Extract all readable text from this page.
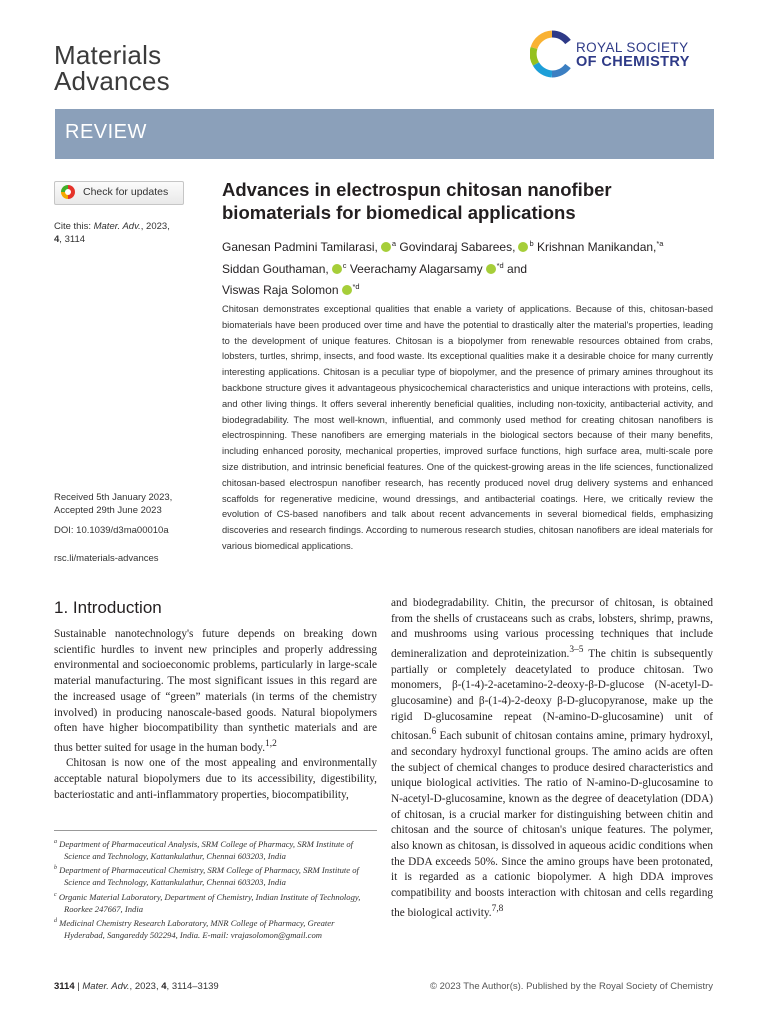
Materials
Advances
ROYAL SOCIETY
OF CHEMISTRY
REVIEW
Check for updates
Cite this: Mater. Adv., 2023,
4, 3114
Received 5th January 2023,
Accepted 29th June 2023
DOI: 10.1039/d3ma00010a
rsc.li/materials-advances
Advances in electrospun chitosan nanofiber biomaterials for biomedical applications
Ganesan Padmini Tamilarasi, $^a$ Govindaraj Sabarees, $^b$ Krishnan Manikandan,$^{*a}$
Siddan Gouthaman, $^c$ Veerachamy Alagarsamy $^{*d}$ and
Viswas Raja Solomon $^{*d}$
Chitosan demonstrates exceptional qualities that enable a variety of applications. Because of this, chitosan-based biomaterials have been produced over time and have the potential to drastically alter the material's properties, leading to the development of unique features. Chitosan is a biopolymer from renewable resources obtained from crabs, lobsters, turtles, shrimp, insects, and food waste. Its exceptional qualities make it a desirable choice for many currently interesting applications. Chitosan is a peculiar type of biopolymer, and the presence of primary amines throughout its backbone structure gives it advantageous physicochemical characteristics and unique interactions with proteins, cells, and other living things. It offers several inherently beneficial qualities, including non-toxicity, antibacterial activity, and biodegradability. The most well-known, influential, and commonly used method for creating chitosan nanofibers is electrospinning. These nanofibers are emerging materials in the biological sectors because of their many benefits, including enhanced porosity, mechanical properties, improved surface functions, high surface area, multi-scale pore size distribution, and intrinsic beneficial features. One of the quickest-growing areas in the life sciences, functionalized chitosan-based electrospun nanofiber research, has recently produced novel drug delivery systems and enhanced scaffolds for regenerative medicine, wound dressings, and antibacterial coatings. Here, we critically review the evolution of CS-based nanofibers and talk about recent advancements in several biomedical fields, emphasizing discoveries and research findings. According to numerous research studies, chitosan nanofibers are ideal materials for various biomedical applications.
1. Introduction

Sustainable nanotechnology's future depends on breaking down scientific hurdles to invent new principles and properly addressing environmental and socioeconomic problems, particularly in large-scale material manufacturing. The most significant issues in this regard are the increased usage of “green” materials (in terms of the chemistry involved) in producing nanoscale-based goods. Natural biopolymers often have higher biocompatibility than synthetic materials and are thus better suited for usage in the human body.$^{1,2}$

Chitosan is now one of the most appealing and environmentally acceptable natural biopolymers due to its accessibility, digestibility, bacteriostatic and anti-inflammatory properties, biocompatibility,

$^a$ Department of Pharmaceutical Analysis, SRM College of Pharmacy, SRM Institute of Science and Technology, Kattankulathur, Chennai 603203, India
$^b$ Department of Pharmaceutical Chemistry, SRM College of Pharmacy, SRM Institute of Science and Technology, Kattankulathur, Chennai 603203, India
$^c$ Organic Material Laboratory, Department of Chemistry, Indian Institute of Technology, Roorkee 247667, India
$^d$ Medicinal Chemistry Research Laboratory, MNR College of Pharmacy, Greater Hyderabad, Sangareddy 502294, India. E-mail: vrajasolomon@gmail.com

and biodegradability. Chitin, the precursor of chitosan, is obtained from the shells of crustaceans such as crabs, lobsters, shrimp, prawns, and mushrooms using various processing techniques that include demineralization and deproteinization.$^{3-5}$ The chitin is subsequently partially or completely deacetylated to produce chitosan. Two monomers, β-(1-4)-2-acetamino-2-deoxy-β-D-glucose (N-acetyl-D-glucosamine) and β-(1-4)-2-deoxy β-D-glucopyranose, make up the rigid D-glucosamine repeat (N-amino-D-glucosamine) unit of chitosan.$^6$ Each subunit of chitosan contains amine, primary hydroxyl, and secondary hydroxyl functional groups. The amino acids are often the subject of chemical changes to produce desired characteristics and unique biological activities. The ratio of N-amino-D-glucosamine to N-acetyl-D-glucosamine, known as the degree of deacetylation (DDA) of chitosan, is a crucial marker for distinguishing between chitin and chitosan and the source of chitosan's unique features. The polymer, also known as chitosan, is dissolved in aqueous acidic conditions when the DDA exceeds 50%. Since the amino groups have been protonated, it is regarded as a cationic biopolymer. A high DDA improves compatibility and boosts interaction with chitosan and cells regarding the biological activity.$^{7,8}$

3114 | Mater. Adv., 2023, 4, 3114–3139	© 2023 The Author(s). Published by the Royal Society of Chemistry
